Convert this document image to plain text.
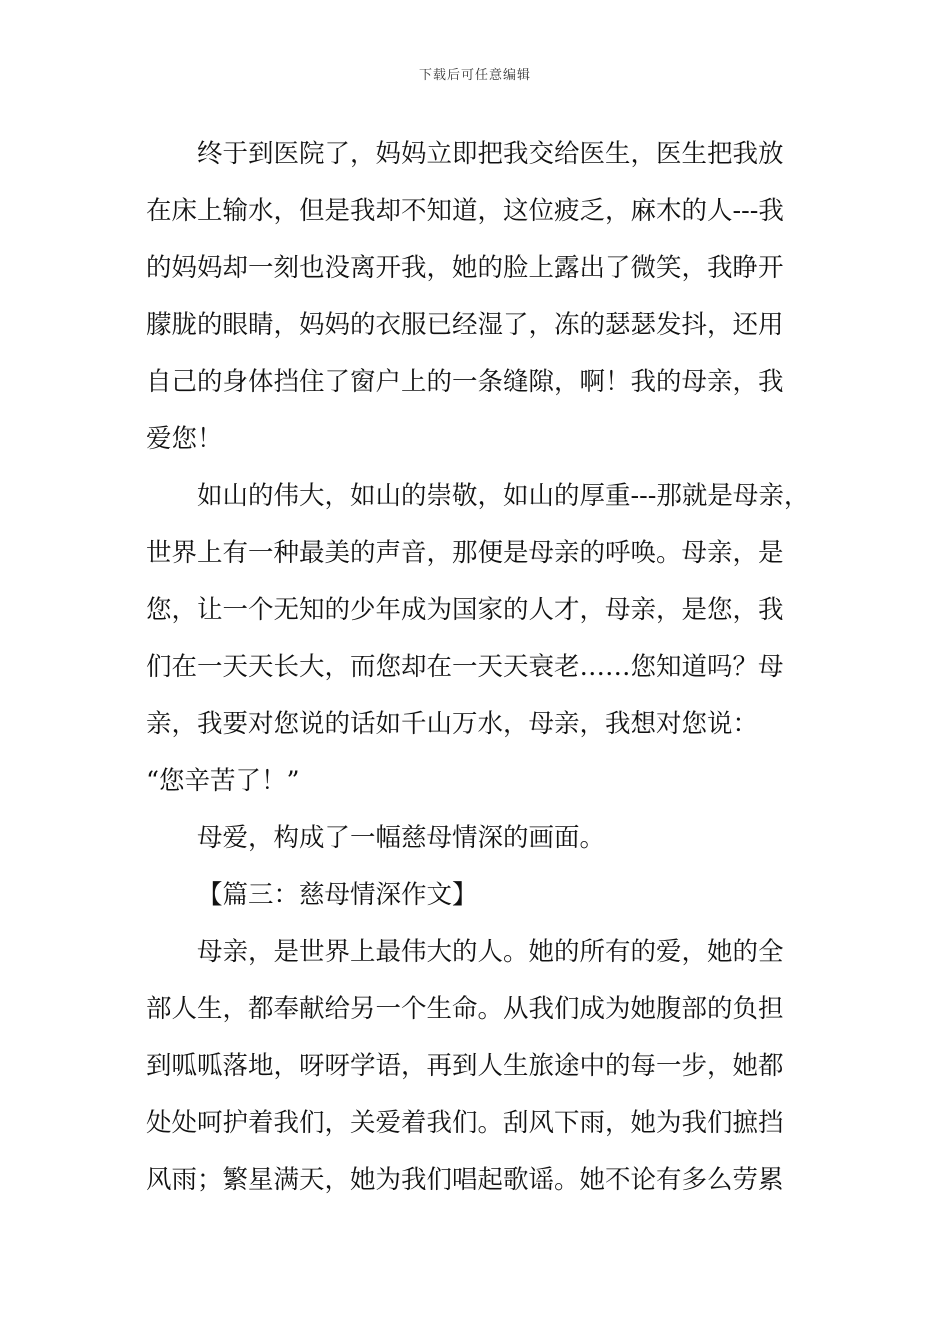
下载后可任意编辑
终于到医院了，妈妈立即把我交给医生，医生把我放
在床上输水，但是我却不知道，这位疲乏，麻木的人---我
的妈妈却一刻也没离开我，她的脸上露出了微笑，我睁开
朦胧的眼睛，妈妈的衣服已经湿了，冻的瑟瑟发抖，还用
自己的身体挡住了窗户上的一条缝隙，啊！我的母亲，我
爱您！
如山的伟大，如山的崇敬，如山的厚重---那就是母亲，
世界上有一种最美的声音，那便是母亲的呼唤。母亲，是
您，让一个无知的少年成为国家的人才，母亲，是您，我
们在一天天长大，而您却在一天天衰老……您知道吗？母
亲，我要对您说的话如千山万水，母亲，我想对您说：
“您辛苦了！”
母爱，构成了一幅慈母情深的画面。
【篇三：慈母情深作文】
母亲，是世界上最伟大的人。她的所有的爱，她的全
部人生，都奉献给另一个生命。从我们成为她腹部的负担
到呱呱落地，呀呀学语，再到人生旅途中的每一步，她都
处处呵护着我们，关爱着我们。刮风下雨，她为我们摭挡
风雨；繁星满天，她为我们唱起歌谣。她不论有多么劳累
